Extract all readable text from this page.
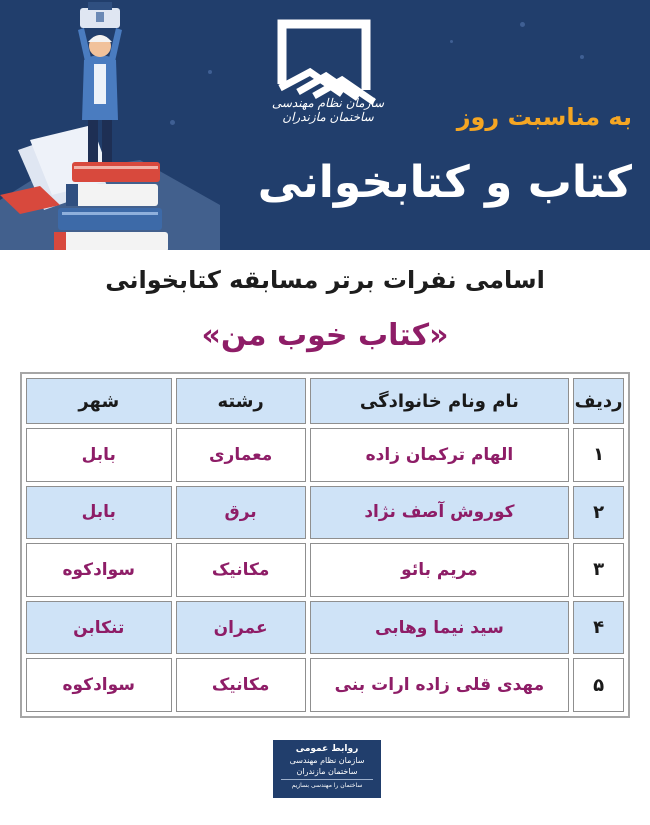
سازمان نظام مهندسی ساختمان مازندران	به مناسبت روز
کتاب و کتابخوانی
اسامی نفرات برتر مسابقه کتابخوانی
«کتاب خوب من»
ردیف	نام ونام خانوادگی	رشته	شهر
۱	الهام ترکمان زاده	معماری	بابل
۲	کوروش آصف نژاد	برق	بابل
۳	مریم بائو	مکانیک	سوادکوه
۴	سید نیما وهابی	عمران	تنکابن
۵	مهدی قلی زاده ارات بنی	مکانیک	سوادکوه
روابط عمومی
سازمان نظام مهندسی
ساختمان مازندران
ساختمان را مهندسی بسازیم
